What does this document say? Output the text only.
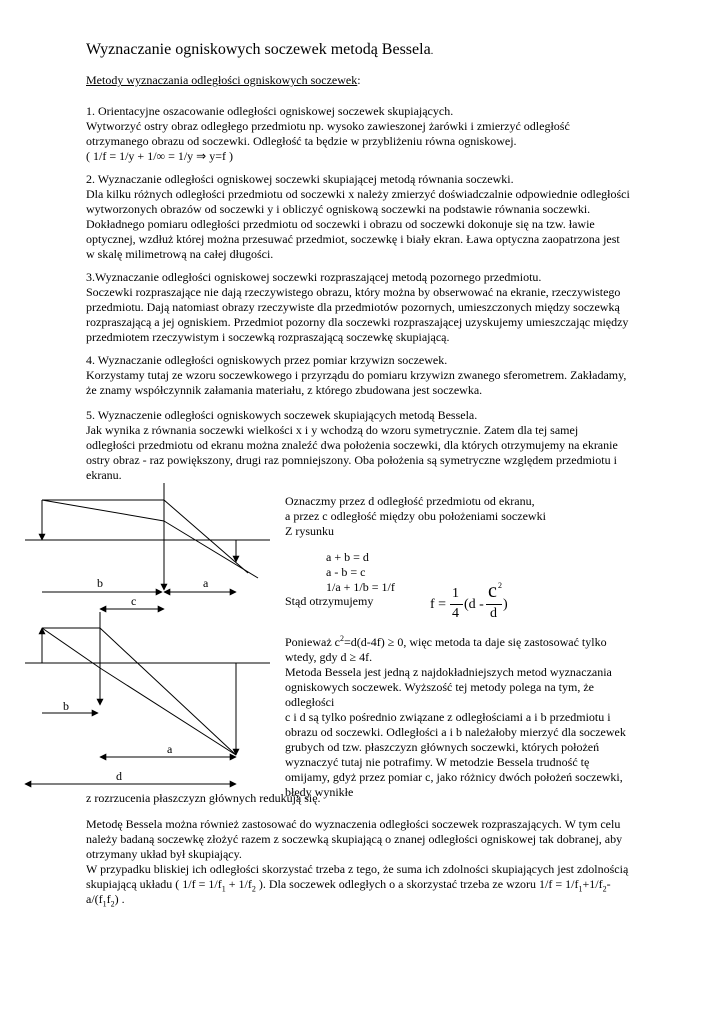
Wyznaczanie ogniskowych soczewek metodą Bessela.
Metody wyznaczania odległości ogniskowych soczewek:
1. Orientacyjne oszacowanie odległości ogniskowej soczewek skupiających.
Wytworzyć ostry obraz odległego przedmiotu np. wysoko zawieszonej żarówki i zmierzyć odległość
otrzymanego obrazu od soczewki. Odległość ta będzie w przybliżeniu równa ogniskowej.
( 1/f = 1/y + 1/∞ = 1/y ⇒ y=f )
2. Wyznaczanie odległości ogniskowej soczewki skupiającej metodą równania soczewki.
Dla kilku różnych odległości przedmiotu od soczewki x należy zmierzyć doświadczalnie odpowiednie odległości
wytworzonych obrazów od soczewki y i obliczyć ogniskową soczewki na podstawie równania soczewki.
Dokładnego pomiaru odległości przedmiotu od soczewki i obrazu od soczewki dokonuje się na tzw. ławie
optycznej, wzdłuż której można przesuwać przedmiot, soczewkę i biały ekran. Ława optyczna zaopatrzona jest
w skalę milimetrową na całej długości.
3.Wyznaczanie odległości ogniskowej soczewki rozpraszającej metodą pozornego przedmiotu.
Soczewki rozpraszające nie dają rzeczywistego obrazu, który można by obserwować na ekranie, rzeczywistego
przedmiotu. Dają natomiast obrazy rzeczywiste dla przedmiotów pozornych, umieszczonych między soczewką
rozpraszającą a jej ogniskiem. Przedmiot pozorny dla soczewki rozpraszającej uzyskujemy umieszczając między
przedmiotem rzeczywistym i soczewką rozpraszającą soczewkę skupiającą.
4. Wyznaczanie odległości ogniskowych przez pomiar krzywizn soczewek.
Korzystamy tutaj ze wzoru soczewkowego i przyrządu do pomiaru krzywizn zwanego sferometrem. Zakładamy,
że znamy współczynnik załamania materiału, z którego zbudowana jest soczewka.
5. Wyznaczenie odległości ogniskowych soczewek skupiających metodą Bessela.
Jak wynika z równania soczewki wielkości x i y wchodzą do wzoru symetrycznie. Zatem dla tej samej
odległości przedmiotu od ekranu można znaleźć dwa położenia soczewki, dla których otrzymujemy na ekranie
ostry obraz - raz powiększony, drugi raz pomniejszony. Oba położenia są symetryczne względem przedmiotu i
ekranu.
b	a
c
b
a
d
Oznaczmy przez d odległość przedmiotu od ekranu,
a przez c odległość między obu położeniami soczewki
Z rysunku
a + b = d
a - b = c
1/a + 1/b = 1/f
Stąd otrzymujemy	f =
1
4
(d -
c 2
d
)
Ponieważ $c^2=d(d-4f) \ge 0$, więc metoda ta daje się zastosować tylko
wtedy, gdy d ≥ 4f.
Metoda Bessela jest jedną z najdokładniejszych metod wyznaczania
ogniskowych soczewek. Wyższość tej metody polega na tym, że
odległości
c i d są tylko pośrednio związane z odległościami a i b przedmiotu i
obrazu od soczewki. Odległości a i b należałoby mierzyć dla soczewek
grubych od tzw. płaszczyzn głównych soczewki, których położeń
wyznaczyć tutaj nie potrafimy. W metodzie Bessela trudność tę
omijamy, gdyż przez pomiar c, jako różnicy dwóch położeń soczewki,
błędy wynikłe
z rozrzucenia płaszczyzn głównych redukują się.
Metodę Bessela można również zastosować do wyznaczenia odległości soczewek rozpraszających. W tym celu
należy badaną soczewkę złożyć razem z soczewką skupiającą o znanej odległości ogniskowej tak dobranej, aby
otrzymany układ był skupiający.
W przypadku bliskiej ich odległości skorzystać trzeba z tego, że suma ich zdolności skupiających jest zdolnością
skupiającą układu ( $1/f = 1/f_1 + 1/f_2$ ). Dla soczewek odległych o a skorzystać trzeba ze wzoru $1/f = 1/f_1+1/f_2-$
$a/(f_1f_2)$ .
